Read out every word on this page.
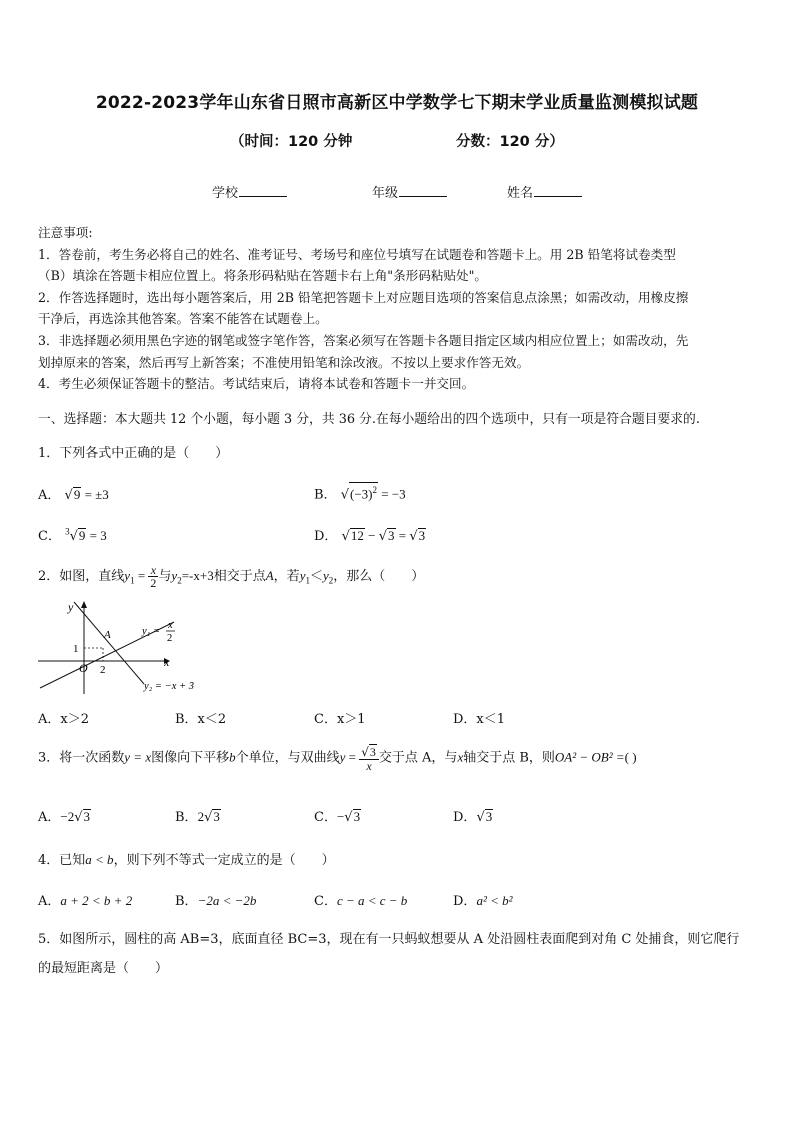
2022-2023学年山东省日照市高新区中学数学七下期末学业质量监测模拟试题
（时间：120 分钟	分数：120 分）
学校	年级	姓名

注意事项:

1．答卷前，考生务必将自己的姓名、准考证号、考场号和座位号填写在试题卷和答题卡上。用 2B 铅笔将试卷类型

（B）填涂在答题卡相应位置上。将条形码粘贴在答题卡右上角"条形码粘贴处"。

2．作答选择题时，选出每小题答案后，用 2B 铅笔把答题卡上对应题目选项的答案信息点涂黑；如需改动，用橡皮擦

干净后，再选涂其他答案。答案不能答在试题卷上。

3．非选择题必须用黑色字迹的钢笔或签字笔作答，答案必须写在答题卡各题目指定区域内相应位置上；如需改动，先

划掉原来的答案，然后再写上新答案；不准使用铅笔和涂改液。不按以上要求作答无效。

4．考生必须保证答题卡的整洁。考试结束后，请将本试卷和答题卡一并交回。

一、选择题：本大题共 12 个小题，每小题 3 分，共 36 分.在每小题给出的四个选项中，只有一项是符合题目要求的.
1．下列各式中正确的是（　　）
A． √9 = ±3	B． $√(-3)^2 = -3$
C． $^3$√9 = 3	D． √12 − √3 = √3
2．如图，直线$y_1 = \frac{x}{2}$ 与$y_2=-x+3$相交于点A，若$y_1<y_2$，那么（　　）
y
x
O 2
1
A	y₁ =
x
2
y₂ = −x + 3
A．x＞2	B．x＜2	C．x＞1	D．x＜1
3．将一次函数y = x图像向下平移b个单位，与双曲线$y = \frac{√3}{x}$ 交于点 A，与x轴交于点 B，则OA² − OB² =( )
A．−2√3	B．2√3	C．−√3	D．√3
4．已知a < b，则下列不等式一定成立的是（　　）
A．a + 2 < b + 2	B．−2a < −2b	C．c − a < c − b	D．a² < b²
5．如图所示，圆柱的高 AB=3，底面直径 BC=3，现在有一只蚂蚁想要从 A 处沿圆柱表面爬到对角 C 处捕食，则它爬行
的最短距离是（　　）
